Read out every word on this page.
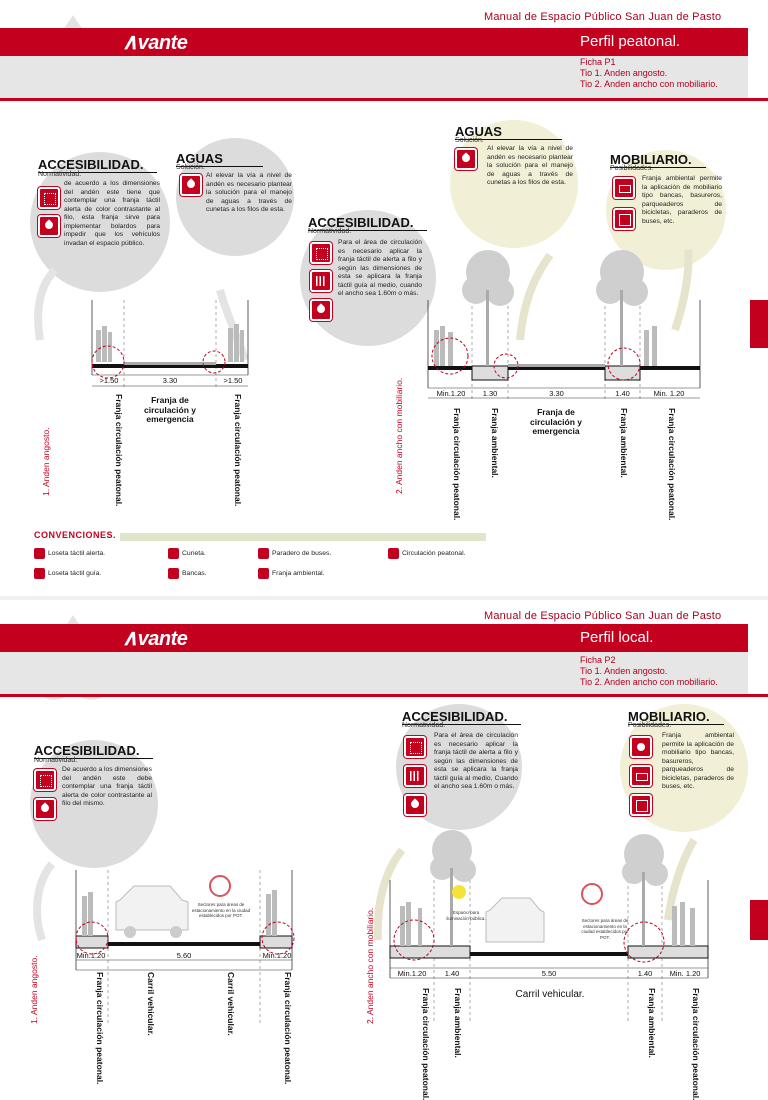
Manual de Espacio Público San Juan de Pasto
∧vante	Perfil peatonal.
Ficha P1
Tio 1. Anden angosto.
Tio 2. Anden ancho con mobiliario.
ACCESIBILIDAD.
Normatividad.
de acuerdo a los dimensiones del andén este tiene que contemplar una franja táctil alerta de color contrastante al filo, esta franja sirve para implementar bolardos para impedir que los vehículos invadan el espacio público.
AGUAS
Solución.
Al elevar la vía a nivel de andén es necesario plantear la solución para el manejo de aguas a través de cunetas a los filos de esta.
>1.50	3.30	>1.50
Franja circulación peatonal.	Franja de circulación y emergencia	Franja circulación peatonal.
1. Anden angosto.
AGUAS
Solución.
Al elevar la vía a nivel de andén es necesario plantear la solución para el manejo de aguas a través de cunetas a los filos de esta.
MOBILIARIO.
Posibilidades.
Franja ambiental permite la aplicación de mobiliario tipo bancas, basureros, parqueaderos de bicicletas, paraderos de buses, etc.
ACCESIBILIDAD.
Normatividad.
Para el área de circulación es necesario aplicar la franja táctil de alerta a filo y según las dimensiones de esta se aplicara la franja táctil guía al medio, cuando el ancho sea 1.60m o más.
Min.1.20	1.30	3.30	1.40	Min. 1.20
Franja circulación peatonal.	Franja ambiental.	Franja de circulación y emergencia	Franja ambiental.	Franja circulación peatonal.
2. Anden ancho con mobiliario.
CONVENCIONES.
Loseta táctil alerta.
Loseta táctil guía.
Cuneta.
Bancas.
Paradero de buses.
Franja ambiental.
Circulación peatonal.
Manual de Espacio Público San Juan de Pasto
∧vante	Perfil local.
Ficha P2
Tio 1. Anden angosto.
Tio 2. Anden ancho con mobiliario.
ACCESIBILIDAD.
Normatividad.
De acuerdo a los dimensiones del andén este debe contemplar una franja táctil alerta de color contrastante al filo del mismo.
Sectores para áreas de estacionamiento en la ciudad establecidos por POT.
Min.1.20	5.60	Min.1.20
Franja circulación peatonal.	Carril vehicular.	Carril vehicular.	Franja circulación peatonal.
1. Anden angosto.
ACCESIBILIDAD.
Normatividad.
Para el área de circulación es necesario aplicar la franja táctil de alerta a filo y según las dimensiones de esta se aplicara la franja táctil guía al medio, Cuando el ancho sea 1.60m o más.
MOBILIARIO.
Posibilidades.
Franja ambiental permite la aplicación de mobiliario tipo bancas, basureros, parqueaderos de bicicletas, paraderos de buses, etc.
Espacio para iluminación pública.	Sectores para áreas de estacionamiento en la ciudad establecidos por POT.
Min.1.20	1.40	5.50	1.40	Min. 1.20
Franja circulación peatonal.	Franja ambiental.	Carril vehicular.	Franja ambiental.	Franja circulación peatonal.
2. Anden ancho con mobiliario.
